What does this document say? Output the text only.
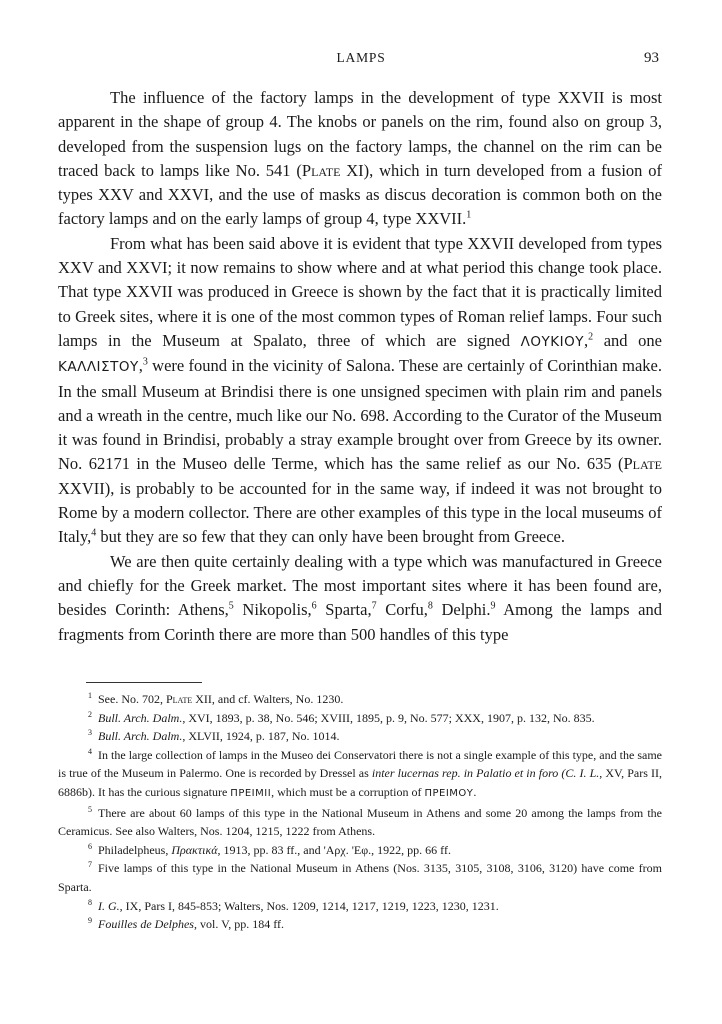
LAMPS	93

The influence of the factory lamps in the development of type XXVII is most apparent in the shape of group 4. The knobs or panels on the rim, found also on group 3, developed from the suspension lugs on the factory lamps, the channel on the rim can be traced back to lamps like No. 541 (Plate XI), which in turn developed from a fusion of types XXV and XXVI, and the use of masks as discus decoration is common both on the factory lamps and on the early lamps of group 4, type XXVII.$^1$

From what has been said above it is evident that type XXVII developed from types XXV and XXVI; it now remains to show where and at what period this change took place. That type XXVII was produced in Greece is shown by the fact that it is practically limited to Greek sites, where it is one of the most common types of Roman relief lamps. Four such lamps in the Museum at Spalato, three of which are signed ΛΟΥΚΙΟΥ,$^2$ and one ΚΑΛΛΙΣΤΟΥ,$^3$ were found in the vicinity of Salona. These are certainly of Corinthian make. In the small Museum at Brindisi there is one unsigned specimen with plain rim and panels and a wreath in the centre, much like our No. 698. According to the Curator of the Museum it was found in Brindisi, probably a stray example brought over from Greece by its owner. No. 62171 in the Museo delle Terme, which has the same relief as our No. 635 (Plate XXVII), is probably to be accounted for in the same way, if indeed it was not brought to Rome by a modern collector. There are other examples of this type in the local museums of Italy,$^4$ but they are so few that they can only have been brought from Greece.

We are then quite certainly dealing with a type which was manufactured in Greece and chiefly for the Greek market. The most important sites where it has been found are, besides Corinth: Athens,$^5$ Nikopolis,$^6$ Sparta,$^7$ Corfu,$^8$ Delphi.$^9$ Among the lamps and fragments from Corinth there are more than 500 handles of this type

$^1$ See. No. 702, Plate XII, and cf. Walters, No. 1230.

$^2$ Bull. Arch. Dalm., XVI, 1893, p. 38, No. 546; XVIII, 1895, p. 9, No. 577; XXX, 1907, p. 132, No. 835.

$^3$ Bull. Arch. Dalm., XLVII, 1924, p. 187, No. 1014.

$^4$ In the large collection of lamps in the Museo dei Conservatori there is not a single example of this type, and the same is true of the Museum in Palermo. One is recorded by Dressel as inter lucernas rep. in Palatio et in foro (C. I. L., XV, Pars II, 6886b). It has the curious signature ΠΡΕΙΜΙΙ, which must be a corruption of ΠΡΕΙΜΟΥ.

$^5$ There are about 60 lamps of this type in the National Museum in Athens and some 20 among the lamps from the Ceramicus. See also Walters, Nos. 1204, 1215, 1222 from Athens.

$^6$ Philadelpheus, Πρακτικά, 1913, pp. 83 ff., and 'Αρχ. 'Εφ., 1922, pp. 66 ff.

$^7$ Five lamps of this type in the National Museum in Athens (Nos. 3135, 3105, 3108, 3106, 3120) have come from Sparta.

$^8$ I. G., IX, Pars I, 845-853; Walters, Nos. 1209, 1214, 1217, 1219, 1223, 1230, 1231.

$^9$ Fouilles de Delphes, vol. V, pp. 184 ff.
